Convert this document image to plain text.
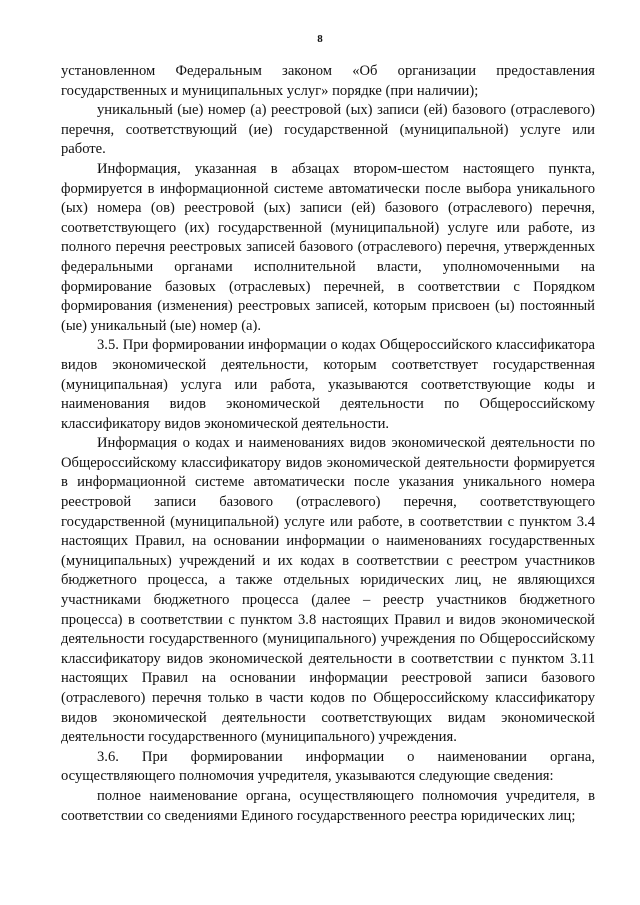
8

установленном Федеральным законом «Об организации предоставления государственных и муниципальных услуг» порядке (при наличии);

уникальный (ые) номер (а) реестровой (ых) записи (ей) базового (отраслевого) перечня, соответствующий (ие) государственной (муниципальной) услуге или работе.

Информация, указанная в абзацах втором-шестом настоящего пункта, формируется в информационной системе автоматически после выбора уникального (ых) номера (ов) реестровой (ых) записи (ей) базового (отраслевого) перечня, соответствующего (их) государственной (муниципальной) услуге или работе, из полного перечня реестровых записей базового (отраслевого) перечня, утвержденных федеральными органами исполнительной власти, уполномоченными на формирование базовых (отраслевых) перечней, в соответствии с Порядком формирования (изменения) реестровых записей, которым присвоен (ы) постоянный (ые) уникальный (ые) номер (а).

3.5. При формировании информации о кодах Общероссийского классификатора видов экономической деятельности, которым соответствует государственная (муниципальная) услуга или работа, указываются соответствующие коды и наименования видов экономической деятельности по Общероссийскому классификатору видов экономической деятельности.

Информация о кодах и наименованиях видов экономической деятельности по Общероссийскому классификатору видов экономической деятельности формируется в информационной системе автоматически после указания уникального номера реестровой записи базового (отраслевого) перечня, соответствующего государственной (муниципальной) услуге или работе, в соответствии с пунктом 3.4 настоящих Правил, на основании информации о наименованиях государственных (муниципальных) учреждений и их кодах в соответствии с реестром участников бюджетного процесса, а также отдельных юридических лиц, не являющихся участниками бюджетного процесса (далее – реестр участников бюджетного процесса) в соответствии с пунктом 3.8 настоящих Правил и видов экономической деятельности государственного (муниципального) учреждения по Общероссийскому классификатору видов экономической деятельности в соответствии с пунктом 3.11 настоящих Правил на основании информации реестровой записи базового (отраслевого) перечня только в части кодов по Общероссийскому классификатору видов экономической деятельности соответствующих видам экономической деятельности государственного (муниципального) учреждения.

3.6. При формировании информации о наименовании органа, осуществляющего полномочия учредителя, указываются следующие сведения:

полное наименование органа, осуществляющего полномочия учредителя, в соответствии со сведениями Единого государственного реестра юридических лиц;
